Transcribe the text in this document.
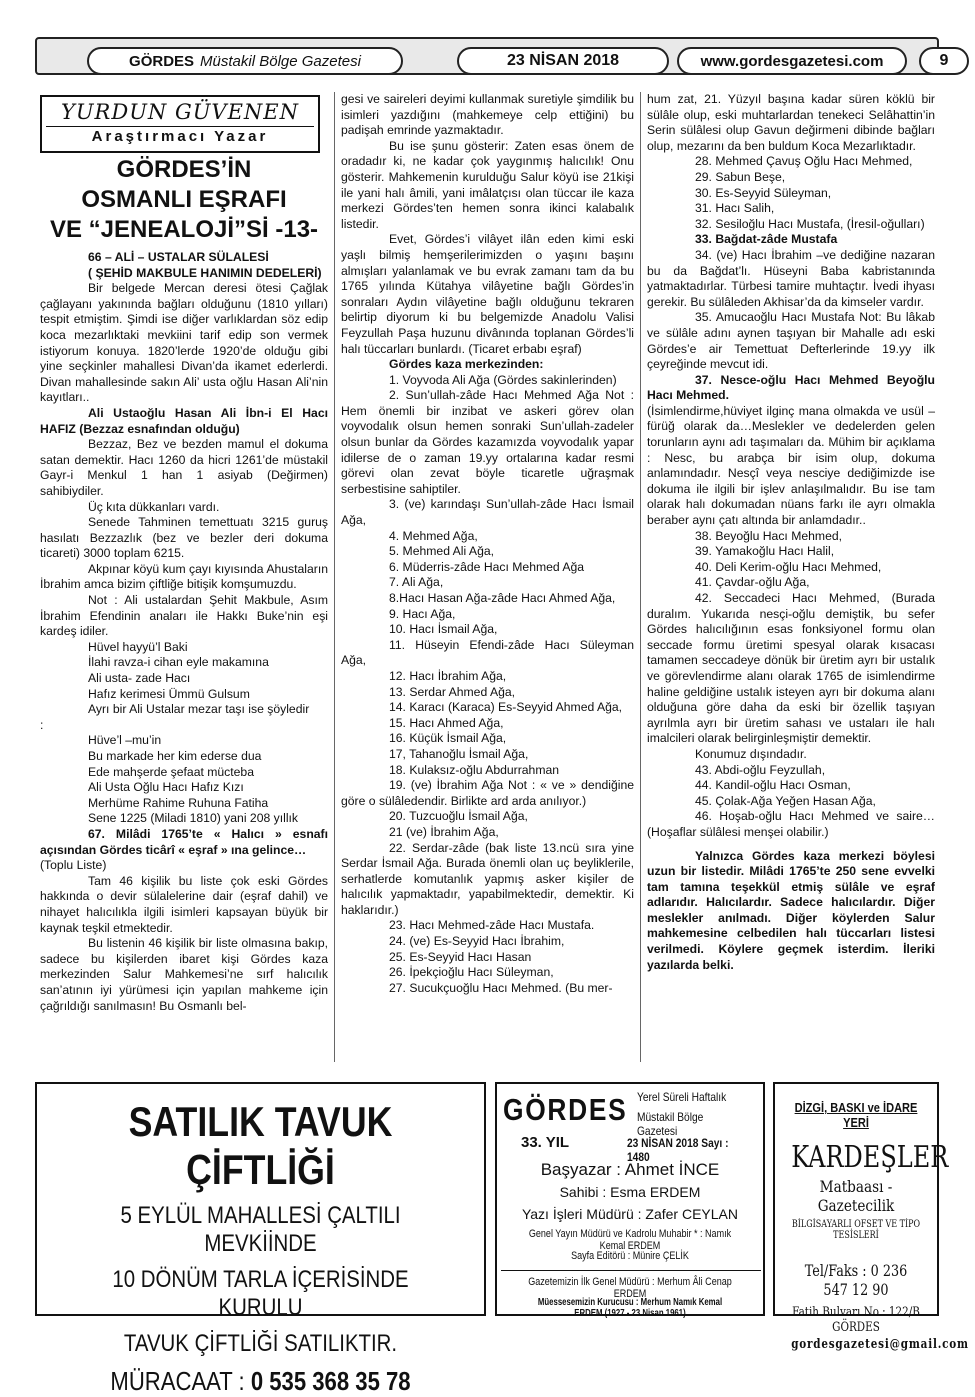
GÖRDES Müstakil Bölge Gazetesi	23 NİSAN 2018	www.gordesgazetesi.com	9
YURDUN GÜVENEN
Araştırmacı Yazar
GÖRDES’İN
OSMANLI EŞRAFI
VE “JENEALOJİ”Sİ -13-

66 – ALİ – USTALAR SÜLALESİ

( ŞEHİD MAKBULE HANIMIN DEDELERİ)

Bir belgede Mercan deresi ötesi Çağlak çağlayanı yakınında bağları olduğunu (1810 yılları) tespit etmiştim. Şimdi ise diğer varlıklardan söz edip koca mezarlıktaki mevkiini tarif edip son vermek istiyorum konuya. 1820’lerde 1920’de olduğu gibi yine seçkinler mahallesi Divan’da ikamet ederlerdi. Divan mahallesinde sakın Ali’ usta oğlu Hasan Ali’nin kayıtları..

Ali Ustaoğlu Hasan Ali İbn-i El Hacı HAFIZ (Bezzaz esnafından olduğu)

Bezzaz, Bez ve bezden mamul el dokuma satan demektir. Hacı 1260 da hicri 1261’de müstakil Gayr-i Menkul 1 han 1 asiyab (Değirmen) sahibiydiler.

Üç kıta dükkanları vardı.

Senede Tahminen temettuatı 3215 guruş hasılatı Bezzazlık (bez ve bezler deri dokuma ticareti) 3000 toplam 6215.

Akpınar köyü kum çayı kıyısında Ahustaların İbrahim amca bizim çiftliğe bitişik komşumuzdu.

Not : Ali ustalardan Şehit Makbule, Asım İbrahim Efendinin anaları ile Hakkı Buke’nin eşi kardeş idiler.

Hüvel hayyü’l Baki

İlahi ravza-i cihan eyle makamına

Ali usta- zade Hacı

Hafız kerimesi Ümmü Gulsum

Ayrı bir Ali Ustalar mezar taşı ise şöyledir

:

Hüve’l –mu’in

Bu markade her kim ederse dua

Ede mahşerde şefaat mücteba

Ali Usta Oğlu Hacı Hafız Kızı

Merhüme Rahime Ruhuna Fatiha

Sene 1225 (Miladi 1810) yani 208 yıllık

67. Milâdi 1765’te « Halıcı » esnafı açısından Gördes ticârî « eşraf » ına gelince…

(Toplu Liste)

Tam 46 kişilik bu liste çok eski Gördes hakkında o devir sülalelerine dair (eşraf dahil) ve nihayet halıcılıkla ilgili isimleri kapsayan büyük bir kaynak teşkil etmektedir.

Bu listenin 46 kişilik bir liste olmasına bakıp, sadece bu kişilerden ibaret kişi Gördes kaza merkezinden Salur Mahkemesi’ne sırf halıcılık san’atının iyi yürümesi için yapılan mahkeme için çağrıldığı sanılmasın! Bu Osmanlı bel-

gesi ve saireleri deyimi kullanmak suretiyle şimdilik bu isimleri yazdığını (mahkemeye celp ettiğini) bu padişah emrinde yazmaktadır.

Bu ise şunu gösterir: Zaten esas önem de oradadır ki, ne kadar çok yaygınmış halıcılık! Onu gösterir. Mahkemenin kurulduğu Salur köyü ise 21kişi ile yani halı âmili, yani imâlatçısı olan tüccar ile kaza merkezi Gördes’ten hemen sonra ikinci kalabalık listedir.

Evet, Gördes’i vilâyet ilân eden kimi eski yaşlı bilmiş hemşerilerimizden o yaşını başını almışları yalanlamak ve bu evrak zamanı tam da bu 1765 yılında Kütahya vilâyetine bağlı Gördes’in sonraları Aydın vilâyetine bağlı olduğunu tekraren belirtip diyorum ki bu belgemizde Anadolu Valisi Feyzullah Paşa huzunu divânında toplanan Gördes’li halı tüccarları bunlardı. (Ticaret erbabı eşraf)

Gördes kaza merkezinden:

1. Voyvoda Ali Ağa (Gördes sakinlerinden)

2. Sun’ullah-zâde Hacı Mehmed Ağa Not : Hem önemli bir inzibat ve askeri görev olan voyvodalık olsun hemen sonraki Sun’ullah-zadeler olsun bunlar da Gördes kazamızda voyvodalık yapar idilerse de o zaman 19.yy ortalarına kadar resmi görevi olan zevat böyle ticaretle uğraşmak serbestisine sahiptiler.

3. (ve) karındaşı Sun’ullah-zâde Hacı İsmail Ağa,

4. Mehmed Ağa,

5. Mehmed Ali Ağa,

6. Müderris-zâde Hacı Mehmed Ağa

7. Ali Ağa,

8.Hacı Hasan Ağa-zâde Hacı Ahmed Ağa,

9. Hacı Ağa,

10. Hacı İsmail Ağa,

11. Hüseyin Efendi-zâde Hacı Süleyman Ağa,

12. Hacı İbrahim Ağa,

13. Serdar Ahmed Ağa,

14. Karacı (Karaca) Es-Seyyid Ahmed Ağa,

15. Hacı Ahmed Ağa,

16. Küçük İsmail Ağa,

17, Tahanoğlu İsmail Ağa,

18. Kulaksız-oğlu Abdurrahman

19. (ve) İbrahim Ağa Not : « ve » dendiğine göre o sülâledendir. Birlikte ard arda anılıyor.)

20. Tuzcuoğlu İsmail Ağa,

21 (ve) İbrahim Ağa,

22. Serdar-zâde (bak liste 13.ncü sıra yine Serdar İsmail Ağa. Burada önemli olan uç beyliklerile, serhatlerde komutanlık yapmış asker kişiler de halıcılık yapmaktadır, yapabilmektedir, demektir. Ki haklarıdır.)

23. Hacı Mehmed-zâde Hacı Mustafa.

24. (ve) Es-Seyyid Hacı İbrahim,

25. Es-Seyyid Hacı Hasan

26. İpekçioğlu Hacı Süleyman,

27. Sucukçuoğlu Hacı Mehmed. (Bu mer-

hum zat, 21. Yüzyıl başına kadar süren köklü bir sülâle olup, eski muhtarlardan tenekeci Selâhattin’in Serin sülâlesi olup Gavun değirmeni dibinde bağları olup, mezarını da ben buldum Koca Mezarlıktadır.

28. Mehmed Çavuş Oğlu Hacı Mehmed,

29. Sabun Beşe,

30. Es-Seyyid Süleyman,

31. Hacı Salih,

32. Sesiloğlu Hacı Mustafa, (İresil-oğulları)

33. Bağdat-zâde Mustafa

34. (ve) Hacı İbrahim –ve dediğine nazaran bu da Bağdat’lı. Hüseyni Baba kabristanında yatmaktadırlar. Türbesi tamire muhtaçtır. İvedi ihyası gerekir. Bu sülâleden Akhisar’da da kimseler vardır.

35. Amucaoğlu Hacı Mustafa Not: Bu lâkab ve sülâle adını aynen taşıyan bir Mahalle adı eski Gördes’e air Temettuat Defterlerinde 19.yy ilk çeyreğinde mevcut idi.

37. Nesce-oğlu Hacı Mehmed Beyoğlu Hacı Mehmed.

(İsimlendirme,hüviyet ilginç mana olmakda ve usül – fürüğ olarak da…Meslekler ve dedelerden gelen torunların aynı adı taşımaları da. Mühim bir açıklama : Nesc, bu arabça bir isim olup, dokuma anlamındadır. Nesçî veya nesciye dediğimizde ise dokuma ile ilgili bir işlev anlaşılmalıdır. Bu ise tam olarak halı dokumadan nüans farkı ile ayrı olmakla beraber aynı çatı altında bir anlamdadır..

38. Beyoğlu Hacı Mehmed,

39. Yamakoğlu Hacı Halil,

40. Deli Kerim-oğlu Hacı Mehmed,

41. Çavdar-oğlu Ağa,

42. Seccadeci Hacı Mehmed, (Burada duralım. Yukarıda nesçi-oğlu demiştik, bu sefer Gördes halıcılığının esas fonksiyonel formu olan seccade formu üretimi spesyal olarak kısacası tamamen seccadeye dönük bir üretim ayrı bir ustalık ve görevlendirme alanı olarak 1765 de isimlendirme haline geldiğine ustalık isteyen ayrı bir dokuma alanı olduğuna göre daha da eski bir özellik taşıyan ayrılmla ayrı bir üretim sahası ve ustaları ile halı imalcileri olarak belirginleşmiştir demektir.

Konumuz dışındadır.

43. Abdi-oğlu Feyzullah,

44. Kandil-oğlu Hacı Osman,

45. Çolak-Ağa Yeğen Hasan Ağa,

46. Hoşab-oğlu Hacı Mehmed ve saire…(Hoşaflar sülâlesi menşei olabilir.)

Yalnızca Gördes kaza merkezi böylesi uzun bir listedir. Milâdi 1765’te 250 sene evvelki tam tamına teşekkül etmiş sülâle ve eşraf adlarıdır. Halıcılardır. Sadece halıcılardır. Diğer meslekler anılmadı. Diğer köylerden Salur mahkemesine celbedilen halı tüccarları listesi verilmedi. Köylere geçmek isterdim. İleriki yazılarda belki.

SATILIK TAVUK ÇİFTLİĞİ
5 EYLÜL MAHALLESİ ÇALTILI MEVKİİNDE
10 DÖNÜM TARLA İÇERİSİNDE KURULU
TAVUK ÇİFTLİĞİ SATILIKTIR.
MÜRACAAT : 0 535 368 35 78
GÖRDES Yerel Süreli Haftalık
Müstakil Bölge Gazetesi
33. YIL	23 NİSAN 2018 Sayı : 1480
Başyazar : Ahmet İNCE
Sahibi : Esma ERDEM
Yazı İşleri Müdürü : Zafer CEYLAN
Genel Yayın Müdürü ve Kadrolu Muhabir * : Namık Kemal ERDEM
Sayfa Editörü : Münire ÇELİK
Gazetemizin İlk Genel Müdürü : Merhum Âli Cenap ERDEM
Müessesemizin Kurucusu : Merhum Namık Kemal ERDEM (1927 - 23.Nisan.1961)
DİZGİ, BASKI ve İDARE YERİ
KARDEŞLER
Matbaası - Gazetecilik
BİLGİSAYARLI OFSET VE TİPO TESİSLERİ
Tel/Faks : 0 236 547 12 90
Fatih Bulvarı No.: 122/B GÖRDES
gordesgazetesi@gmail.com
